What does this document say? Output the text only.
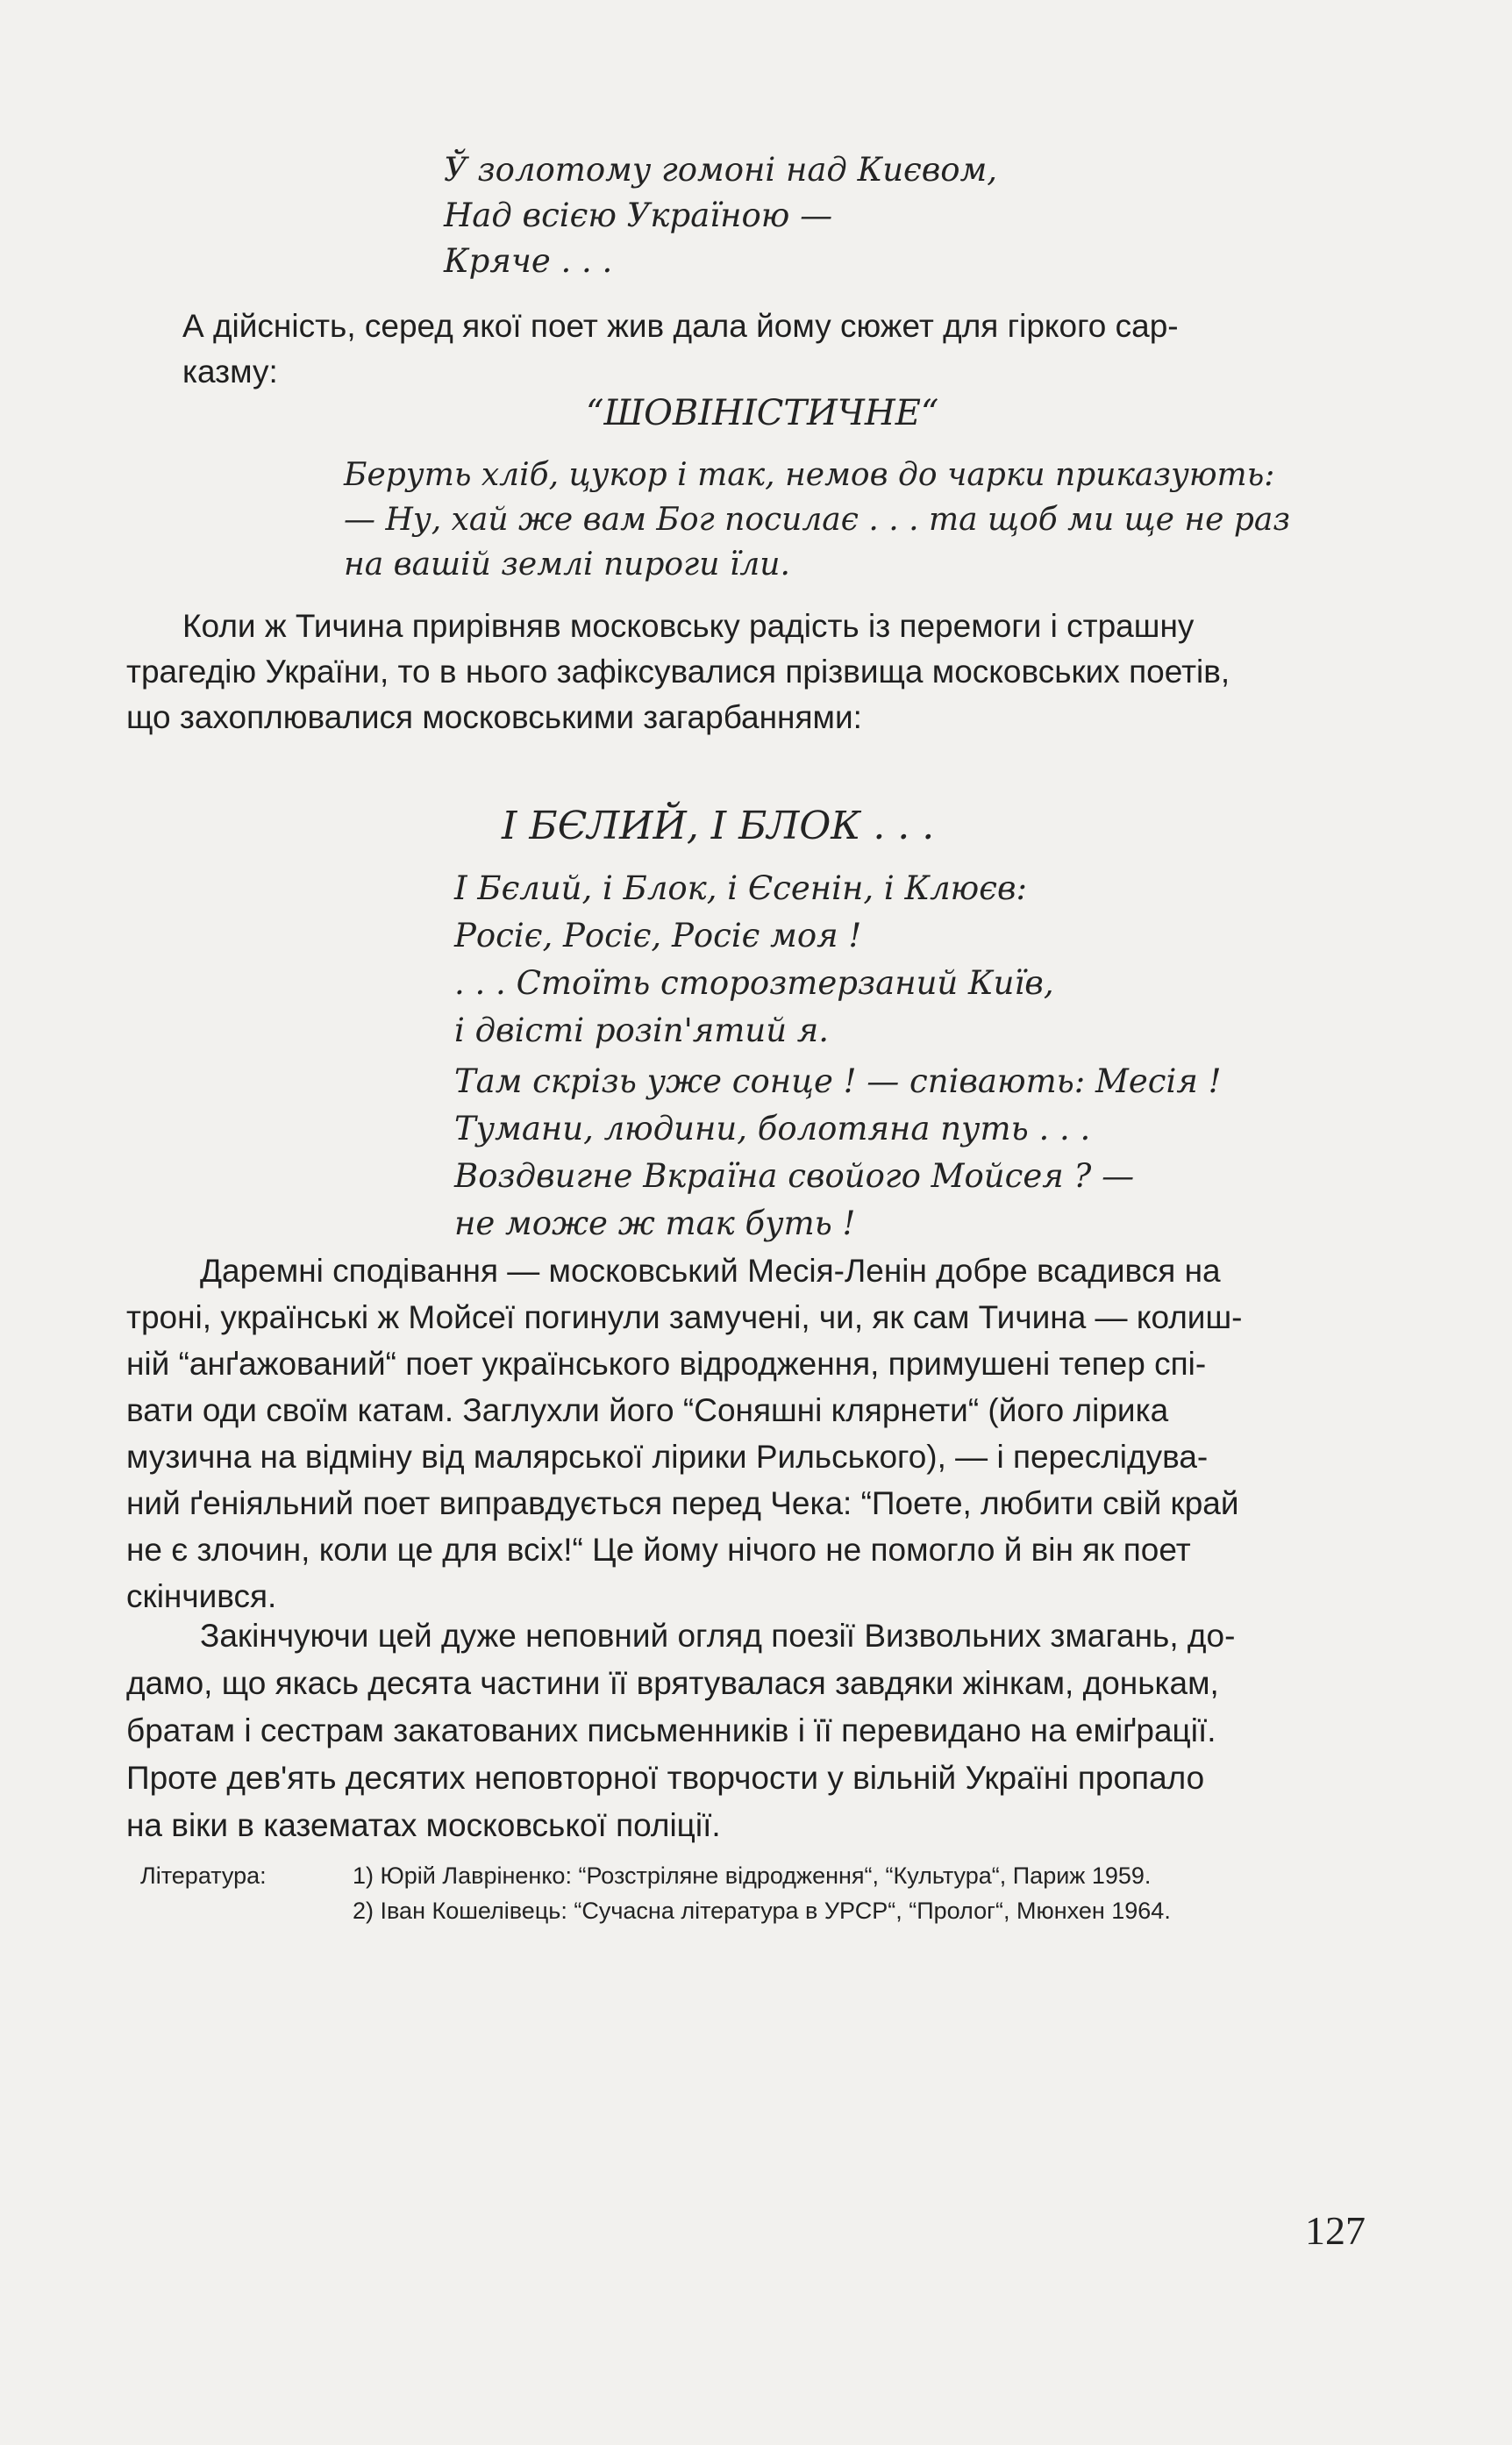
Ў золотому гомоні над Києвом,
Над всією Україною —
Кряче . . .
А дійсність, серед якої поет жив дала йому сюжет для гіркого сар-
казму:
“ШОВІНІСТИЧНЕ“
Беруть хліб, цукор і так, немов до чарки приказують:
— Ну, хай же вам Бог посилає . . . та щоб ми ще не раз
на вашій землі пироги їли.
Коли ж Тичина прирівняв московську радість із перемоги і страшну
трагедію України, то в нього зафіксувалися прізвища московських поетів,
що захоплювалися московськими загарбаннями:
І БЄЛИЙ, І БЛОК . . .
І Бєлий, і Блок, і Єсенін, і Клюєв:
Росіє, Росіє, Росіє моя !
. . . Стоїть сторозтерзаний Київ,
і двісті розіп'ятий я.
Там скрізь уже сонце ! — співають: Месія !
Тумани, людини, болотяна путь . . .
Воздвигне Вкраїна свойого Мойсея ? —
не може ж так буть !
Даремні сподівання — московський Месія-Ленін добре всадився на
троні, українські ж Мойсеї погинули замучені, чи, як сам Тичина — колиш-
ній “анґажований“ поет українського відродження, примушені тепер спі-
вати оди своїм катам. Заглухли його “Соняшні клярнети“ (його лірика
музична на відміну від малярської лірики Рильського), — і переслідува-
ний ґеніяльний поет виправдується перед Чека: “Поете, любити свій край
не є злочин, коли це для всіх!“ Це йому нічого не помогло й він як поет
скінчився.
Закінчуючи цей дуже неповний огляд поезії Визвольних змагань, до-
дамо, що якась десята частини її врятувалася завдяки жінкам, донькам,
братам і сестрам закатованих письменників і її перевидано на еміґрації.
Проте дев'ять десятих неповторної творчости у вільній Україні пропало
на віки в казематах московської поліції.
Література:	1) Юрій Лавріненко: “Розстріляне відродження“, “Культура“, Париж 1959.
2) Іван Кошелівець: “Сучасна література в УРСР“, “Пролог“, Мюнхен 1964.
127
